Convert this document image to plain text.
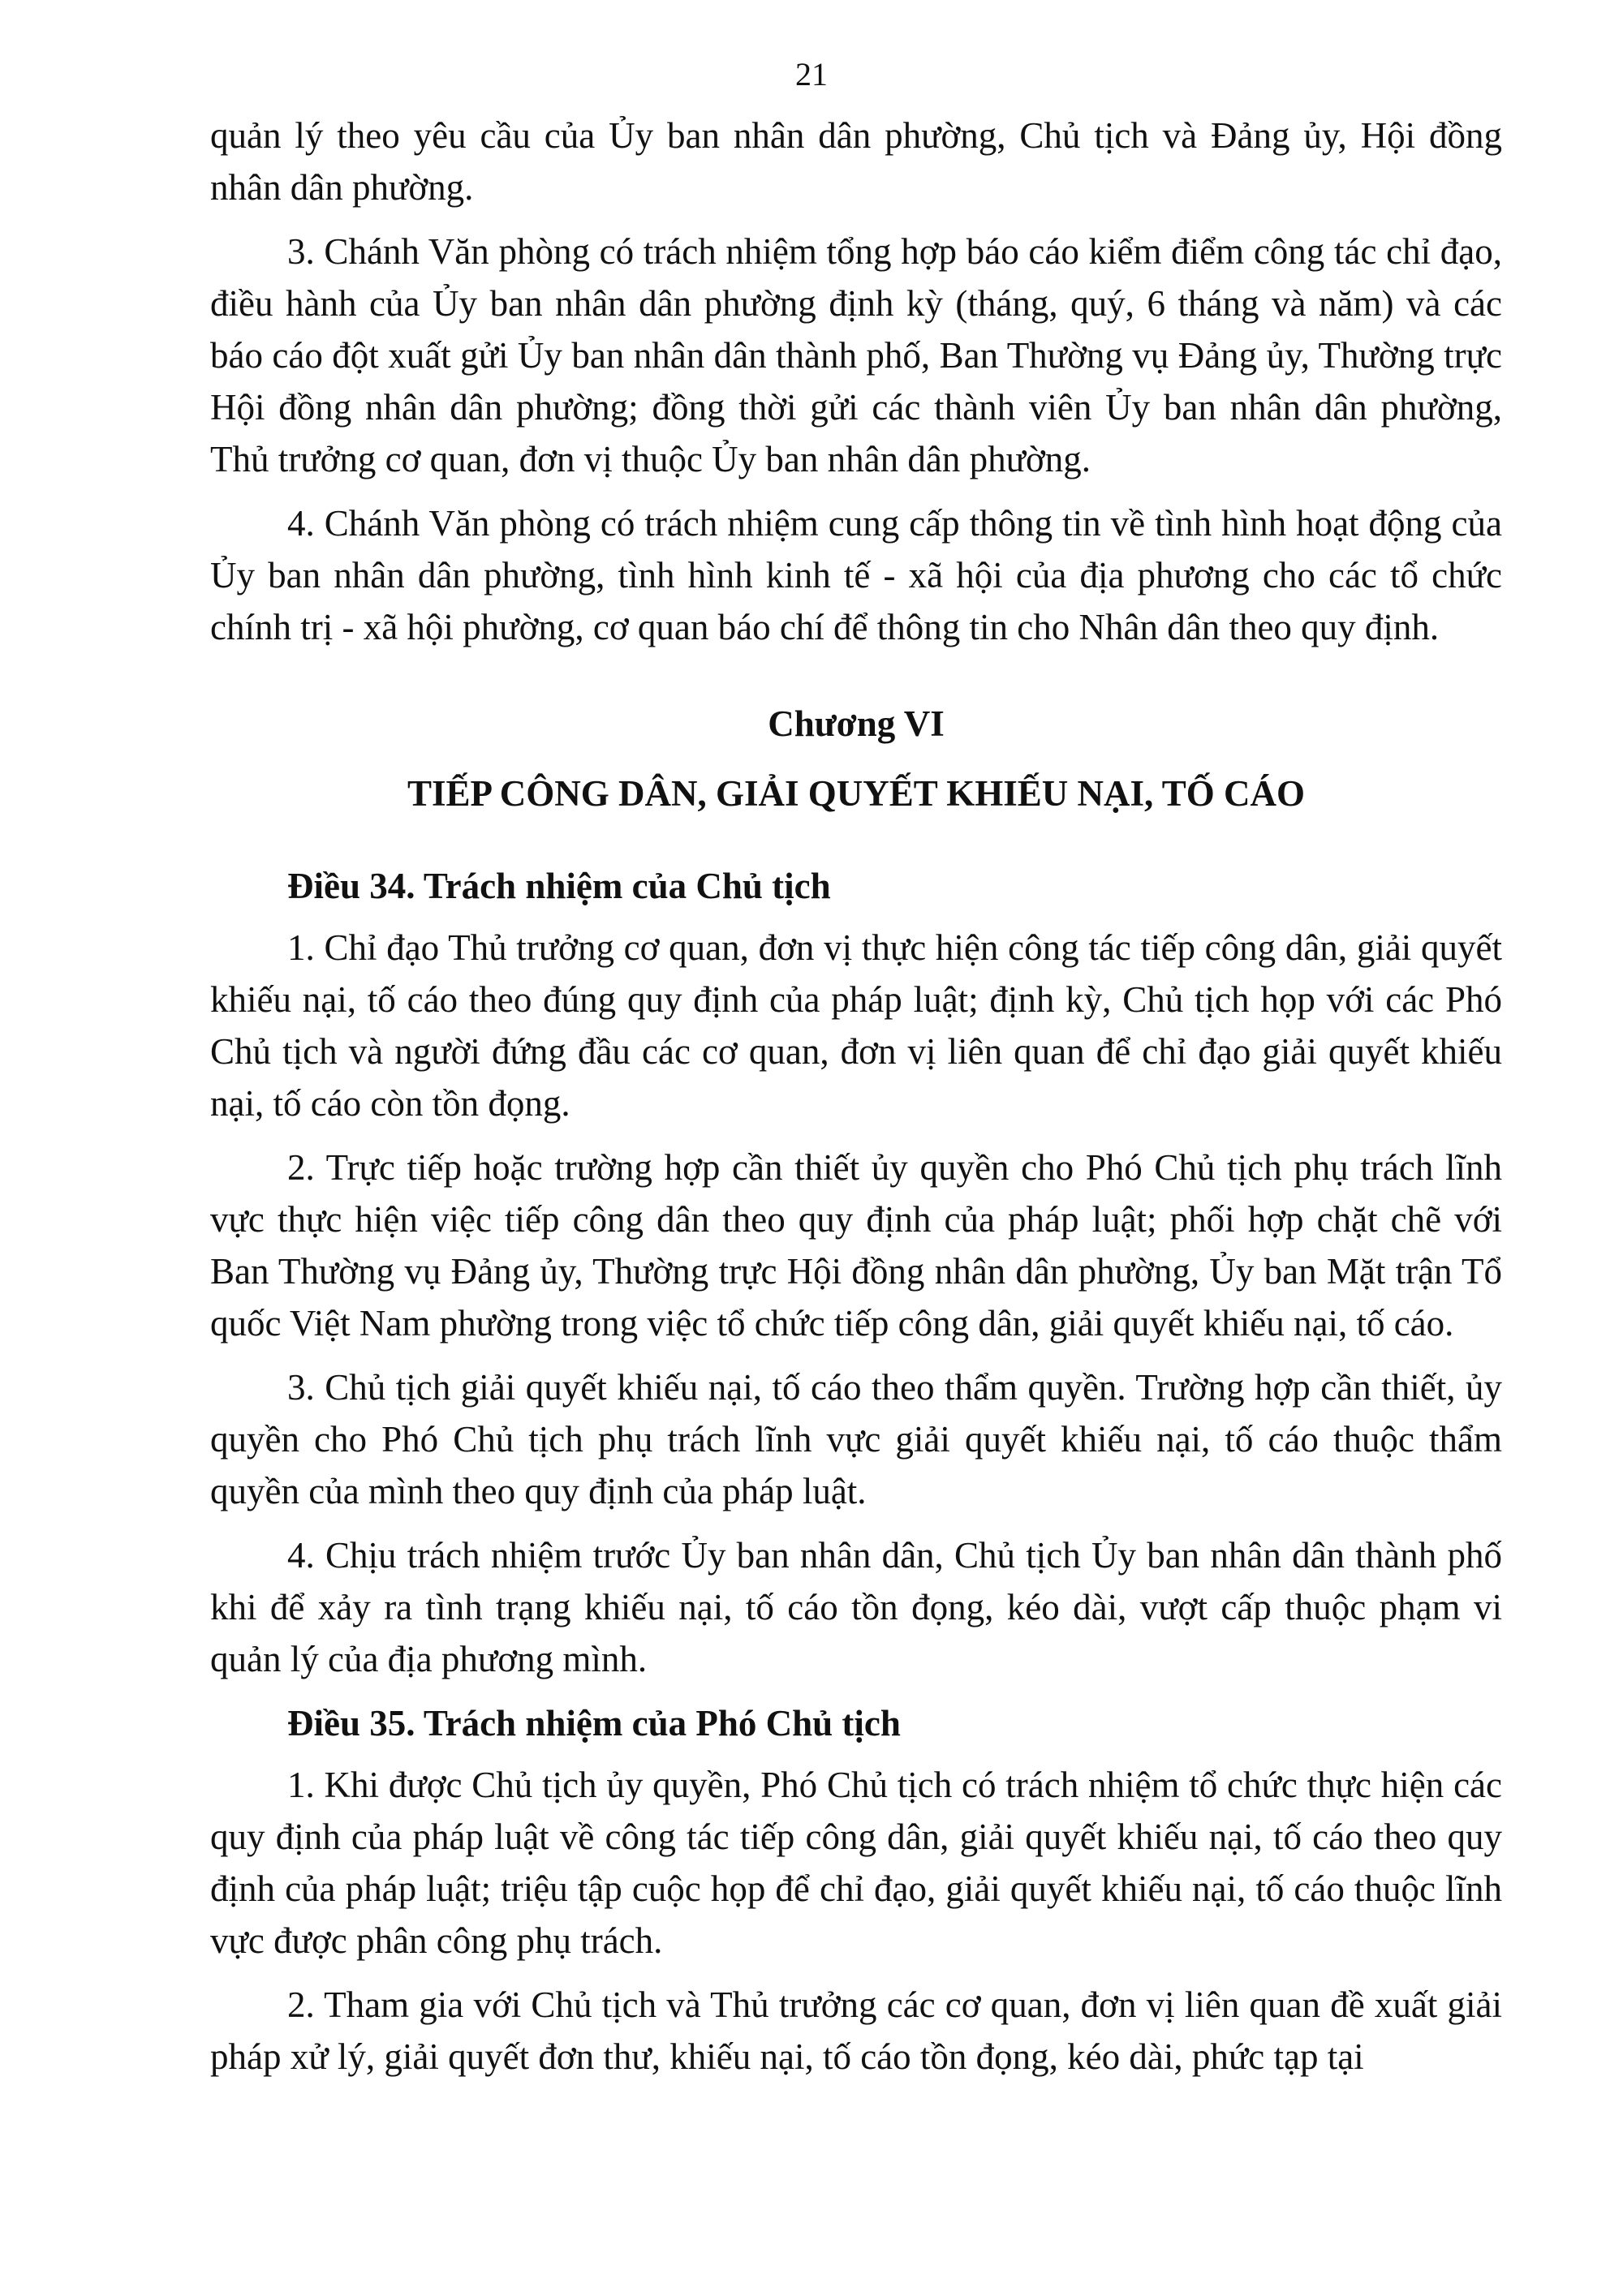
21

quản lý theo yêu cầu của Ủy ban nhân dân phường, Chủ tịch và Đảng ủy, Hội đồng nhân dân phường.

3. Chánh Văn phòng có trách nhiệm tổng hợp báo cáo kiểm điểm công tác chỉ đạo, điều hành của Ủy ban nhân dân phường định kỳ (tháng, quý, 6 tháng và năm) và các báo cáo đột xuất gửi Ủy ban nhân dân thành phố, Ban Thường vụ Đảng ủy, Thường trực Hội đồng nhân dân phường; đồng thời gửi các thành viên Ủy ban nhân dân phường, Thủ trưởng cơ quan, đơn vị thuộc Ủy ban nhân dân phường.

4. Chánh Văn phòng có trách nhiệm cung cấp thông tin về tình hình hoạt động của Ủy ban nhân dân phường, tình hình kinh tế - xã hội của địa phương cho các tổ chức chính trị - xã hội phường, cơ quan báo chí để thông tin cho Nhân dân theo quy định.

Chương VI
TIẾP CÔNG DÂN, GIẢI QUYẾT KHIẾU NẠI, TỐ CÁO

Điều 34. Trách nhiệm của Chủ tịch

1. Chỉ đạo Thủ trưởng cơ quan, đơn vị thực hiện công tác tiếp công dân, giải quyết khiếu nại, tố cáo theo đúng quy định của pháp luật; định kỳ, Chủ tịch họp với các Phó Chủ tịch và người đứng đầu các cơ quan, đơn vị liên quan để chỉ đạo giải quyết khiếu nại, tố cáo còn tồn đọng.

2. Trực tiếp hoặc trường hợp cần thiết ủy quyền cho Phó Chủ tịch phụ trách lĩnh vực thực hiện việc tiếp công dân theo quy định của pháp luật; phối hợp chặt chẽ với Ban Thường vụ Đảng ủy, Thường trực Hội đồng nhân dân phường, Ủy ban Mặt trận Tổ quốc Việt Nam phường trong việc tổ chức tiếp công dân, giải quyết khiếu nại, tố cáo.

3. Chủ tịch giải quyết khiếu nại, tố cáo theo thẩm quyền. Trường hợp cần thiết, ủy quyền cho Phó Chủ tịch phụ trách lĩnh vực giải quyết khiếu nại, tố cáo thuộc thẩm quyền của mình theo quy định của pháp luật.

4. Chịu trách nhiệm trước Ủy ban nhân dân, Chủ tịch Ủy ban nhân dân thành phố khi để xảy ra tình trạng khiếu nại, tố cáo tồn đọng, kéo dài, vượt cấp thuộc phạm vi quản lý của địa phương mình.

Điều 35. Trách nhiệm của Phó Chủ tịch

1. Khi được Chủ tịch ủy quyền, Phó Chủ tịch có trách nhiệm tổ chức thực hiện các quy định của pháp luật về công tác tiếp công dân, giải quyết khiếu nại, tố cáo theo quy định của pháp luật; triệu tập cuộc họp để chỉ đạo, giải quyết khiếu nại, tố cáo thuộc lĩnh vực được phân công phụ trách.

2. Tham gia với Chủ tịch và Thủ trưởng các cơ quan, đơn vị liên quan đề xuất giải pháp xử lý, giải quyết đơn thư, khiếu nại, tố cáo tồn đọng, kéo dài, phức tạp tại
